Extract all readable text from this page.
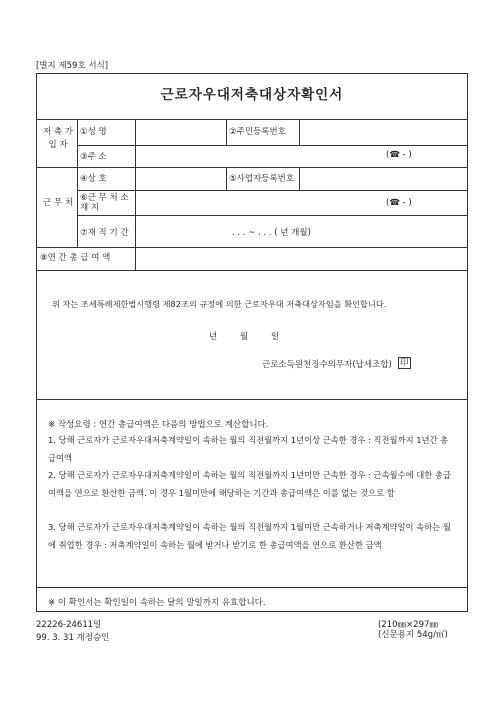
[별지 제59호 서식]
근로자우대저축대상자확인서
저 축 가 입 자
①성 명	②주민등록번호
③주 소	(☎ - )
근 무 처
④상 호	⑤사업자등록번호
⑥근 무 처 소 재 지	(☎ - )
⑦재 직 기 간	. . . ~ . . . ( 년 개월)
⑧연 간 총 급 여 액
위 자는 조세특례제한법시행령 제82조의 규정에 의한 근로자우대 저축대상자임을 확인합니다.
년 월 일
근로소득원천징수의무자(납세조합) 印
※ 작성요령 : 연간 총급여액은 다음의 방법으로 계산합니다.
1. 당해 근로자가 근로자우대저축계약일이 속하는 월의 직전월까지 1년이상 근속한 경우 : 직전월까지 1년간 총급여액
2. 당해 근로자가 근로자우대저축계약일이 속하는 월의 직전월까지 1년미만 근속한 경우 : 근속월수에 대한 총급여액을 연으로 환산한 금액. 이 경우 1월미만에 해당하는 기간과 총급여액은 이를 없는 것으로 함
3. 당해 근로자가 근로자우대저축계약일이 속하는 월의 직전월까지 1월미만 근속하거나 저축계약일이 속하는 월에 취업한 경우 : 저축계약일이 속하는 월에 받거나 받기로 한 총급여액을 연으로 환산한 금액
※ 이 확인서는 확인일이 속하는 달의 말일까지 유효합니다.
22226-24611일
99. 3. 31 개정승인
(210㎜×297㎜
(신문용지 54g/㎡)
